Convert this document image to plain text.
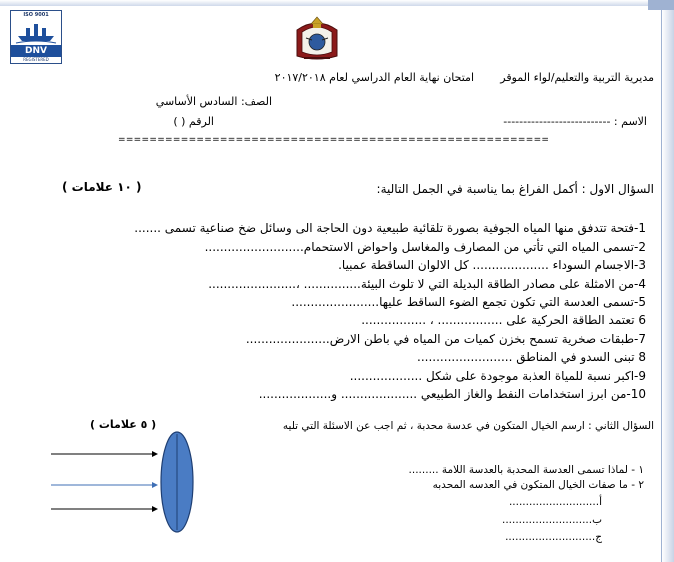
ISO 9001
DNV
REGISTERED
مديرية التربية والتعليم/لواء الموقر
امتحان نهاية العام الدراسي لعام ٢٠١٧/٢٠١٨
الصف: السادس الأساسي
الاسم : ---------------------------
الرقم ( )
=======================================================
السؤال الاول : أكمل الفراغ بما يناسبة في الجمل التالية:
( ١٠ علامات )
1-فتحة تتدفق منها المياه الجوفية بصورة تلقائية طبيعية دون الحاجة الى وسائل ضخ صناعية تسمى .......
2-تسمى المياه التي تأتي من المصارف والمغاسل واحواض الاستحمام..........................
3-الاجسام السوداء .................... كل الالوان الساقطة عمبيا.
4-من الامثلة على مصادر الطاقة البديلة التي لا تلوث البيئة............... ،.......................
5-تسمى العدسة التي تكون تجمع الضوء الساقط عليها.......................
6 تعتمد الطاقة الحركية على ................. ، .................
7-طبقات صخرية تسمح بخزن كميات من المياه في باطن الارض......................
8 تبنى السدو في المناطق .........................
9-اكبر نسبة للمياة العذبة موجودة على شكل ...................
10-من ابرز استخدامات النفط والغاز الطبيعي .................... و...................
السؤال الثاني : ارسم الخيال المتكون في عدسة محدبة ، ثم اجب عن الاسئلة التي تليه
( ٥ علامات )
١ - لماذا تسمى العدسة المحدبة بالعدسة اللامة .........
٢ - ما صفات الخيال المتكون في العدسه المحدبه
أ...........................
ب...........................
ج...........................
